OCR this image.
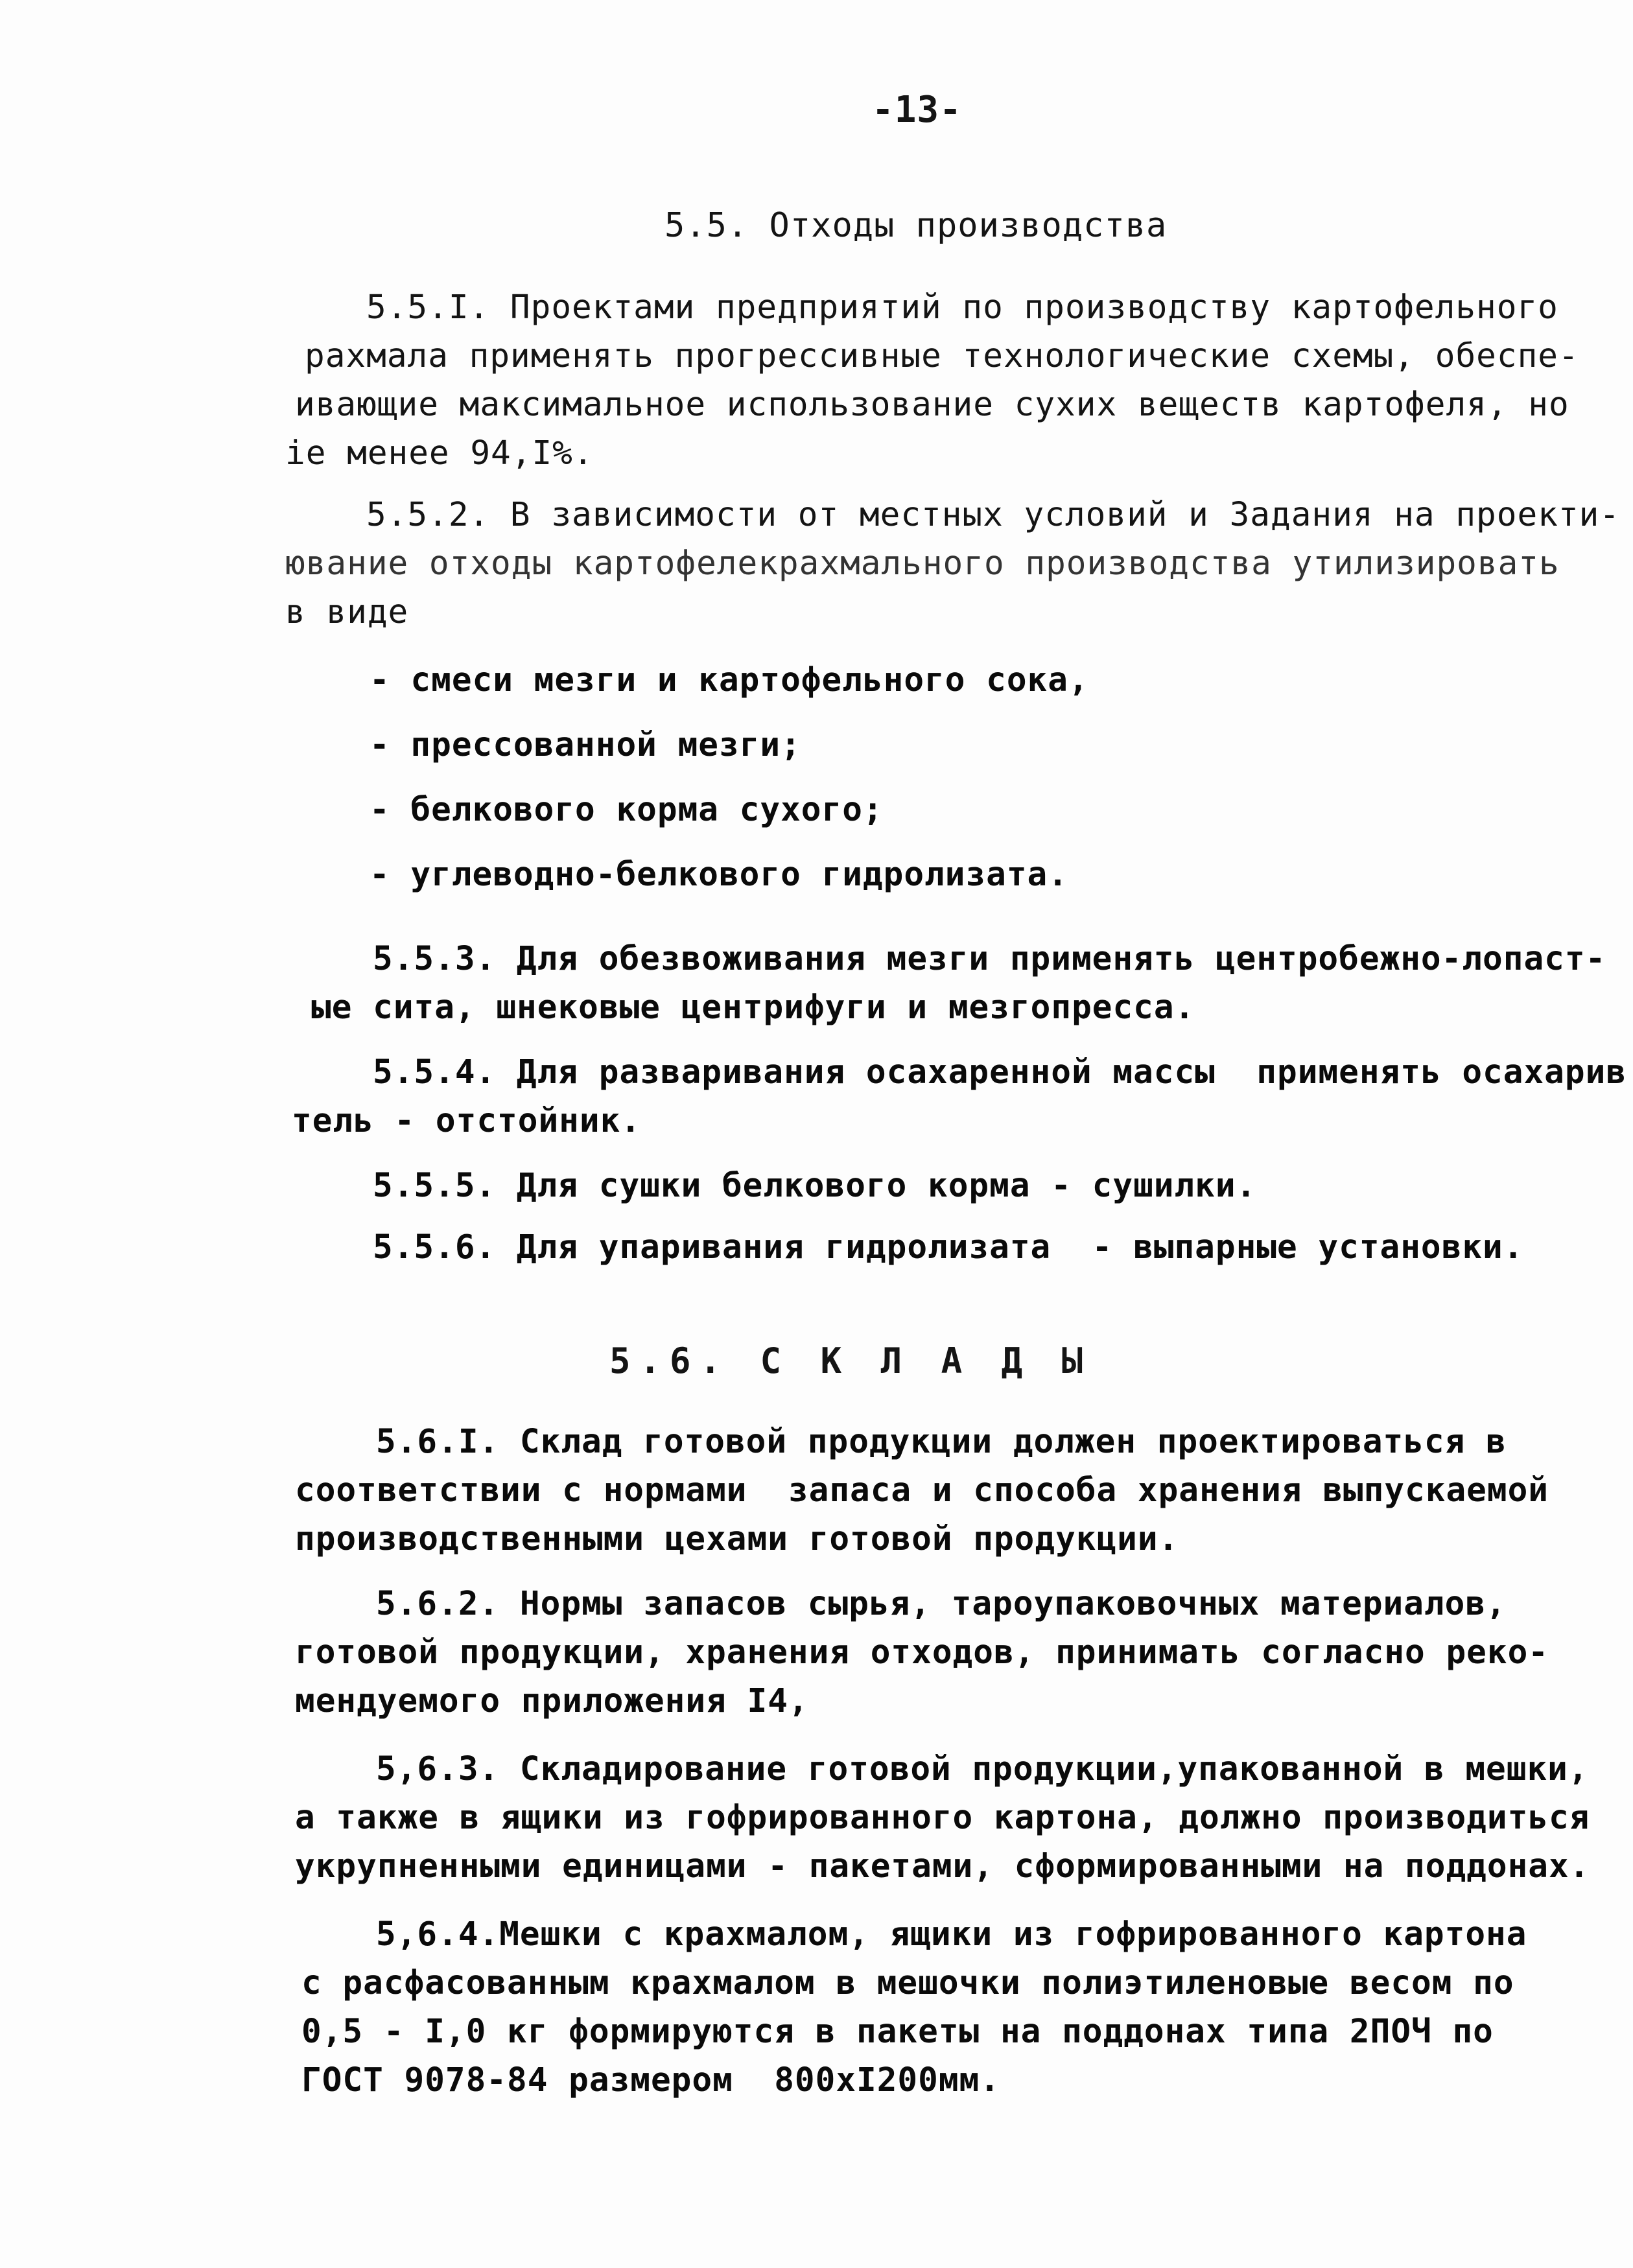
-13-
5.5. Отходы производства
5.5.I. Проектами предприятий по производству картофельного
рахмала применять прогрессивные технологические схемы, обеспе-
ивающие максимальное использование сухих веществ картофеля, но
іе менее 94,I%.
5.5.2. В зависимости от местных условий и Задания на проекти-
ювание отходы картофелекрахмального производства утилизировать
в виде
- смеси мезги и картофельного сока,
- прессованной мезги;
- белкового корма сухого;
- углеводно-белкового гидролизата.
5.5.3. Для обезвоживания мезги применять центробежно-лопаст-
ые сита, шнековые центрифуги и мезгопресса.
5.5.4. Для разваривания осахаренной массы  применять осахарив
тель - отстойник.
5.5.5. Для сушки белкового корма - сушилки.
5.5.6. Для упаривания гидролизата  - выпарные установки.
5.6. С К Л А Д Ы
5.6.I. Склад готовой продукции должен проектироваться в
соответствии с нормами  запаса и способа хранения выпускаемой
производственными цехами готовой продукции.
5.6.2. Нормы запасов сырья, тароупаковочных материалов,
готовой продукции, хранения отходов, принимать согласно реко-
мендуемого приложения I4,
5,6.3. Складирование готовой продукции,упакованной в мешки,
а также в ящики из гофрированного картона, должно производиться
укрупненными единицами - пакетами, сформированными на поддонах.
5,6.4.Мешки с крахмалом, ящики из гофрированного картона
с расфасованным крахмалом в мешочки полиэтиленовые весом по
0,5 - I,0 кг формируются в пакеты на поддонах типа 2ПОЧ по
ГОСТ 9078-84 размером  800хI200мм.
